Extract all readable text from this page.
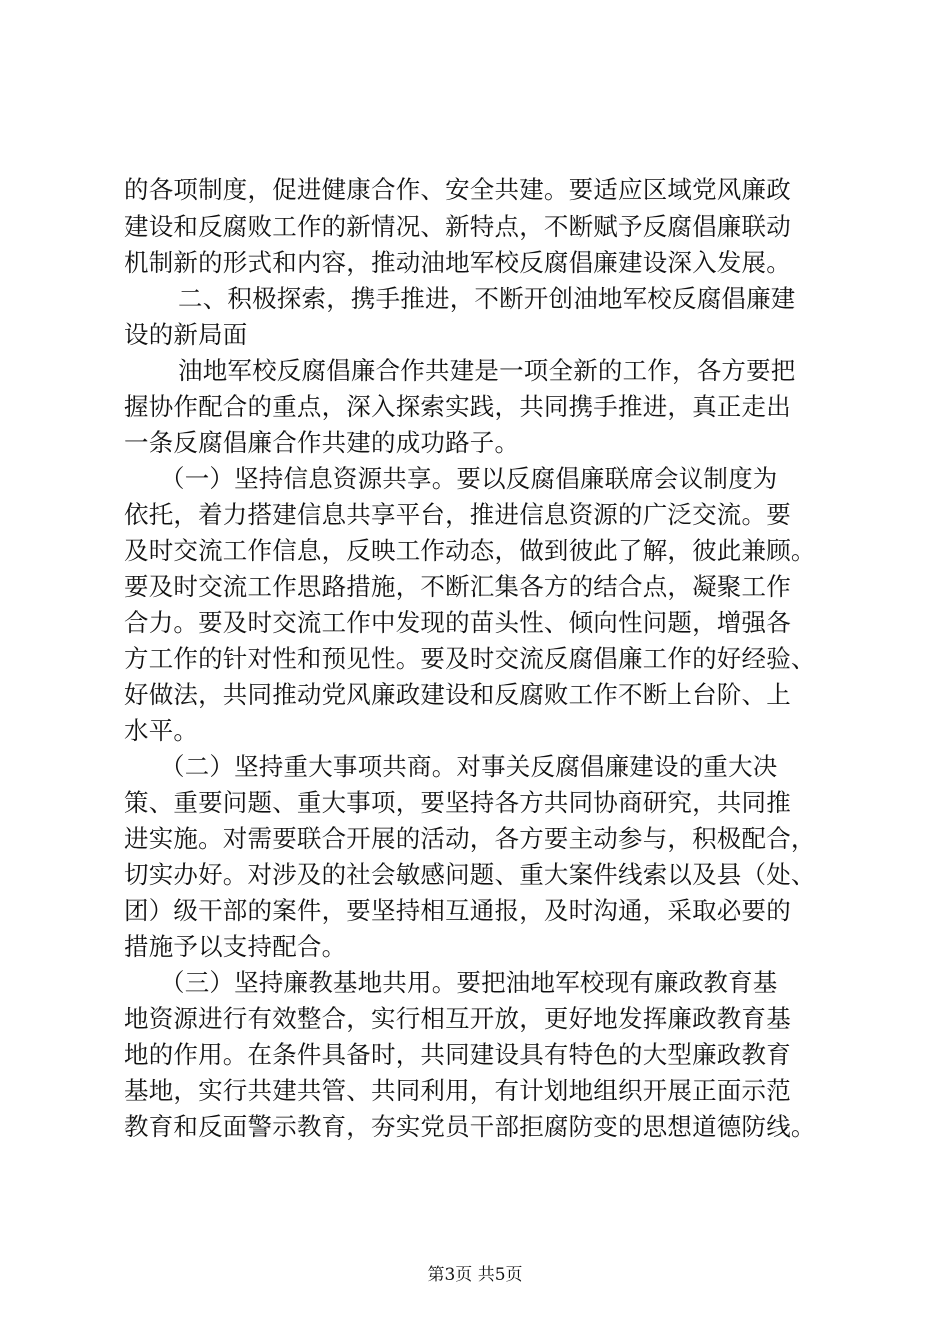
的各项制度，促进健康合作、安全共建。要适应区域党风廉政
建设和反腐败工作的新情况、新特点，不断赋予反腐倡廉联动
机制新的形式和内容，推动油地军校反腐倡廉建设深入发展。
二、积极探索，携手推进，不断开创油地军校反腐倡廉建
设的新局面
油地军校反腐倡廉合作共建是一项全新的工作，各方要把
握协作配合的重点，深入探索实践，共同携手推进，真正走出
一条反腐倡廉合作共建的成功路子。
（一）坚持信息资源共享。要以反腐倡廉联席会议制度为
依托，着力搭建信息共享平台，推进信息资源的广泛交流。要
及时交流工作信息，反映工作动态，做到彼此了解，彼此兼顾。
要及时交流工作思路措施，不断汇集各方的结合点，凝聚工作
合力。要及时交流工作中发现的苗头性、倾向性问题，增强各
方工作的针对性和预见性。要及时交流反腐倡廉工作的好经验、
好做法，共同推动党风廉政建设和反腐败工作不断上台阶、上
水平。
（二）坚持重大事项共商。对事关反腐倡廉建设的重大决
策、重要问题、重大事项，要坚持各方共同协商研究，共同推
进实施。对需要联合开展的活动，各方要主动参与，积极配合，
切实办好。对涉及的社会敏感问题、重大案件线索以及县（处、
团）级干部的案件，要坚持相互通报，及时沟通，采取必要的
措施予以支持配合。
（三）坚持廉教基地共用。要把油地军校现有廉政教育基
地资源进行有效整合，实行相互开放，更好地发挥廉政教育基
地的作用。在条件具备时，共同建设具有特色的大型廉政教育
基地，实行共建共管、共同利用，有计划地组织开展正面示范
教育和反面警示教育，夯实党员干部拒腐防变的思想道德防线。
第3页 共5页
